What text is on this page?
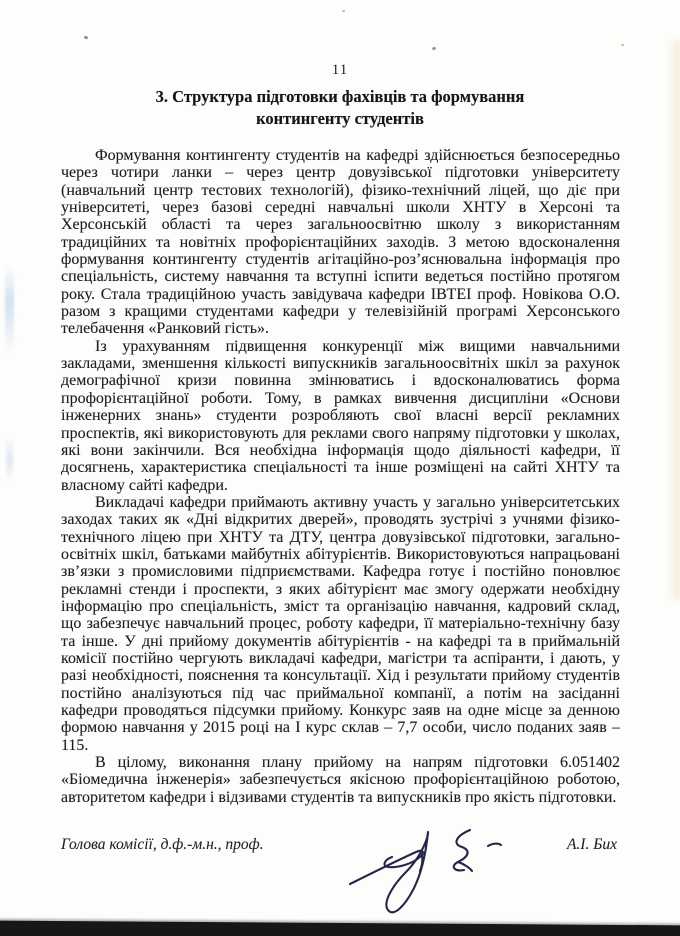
11
3. Структура підготовки фахівців та формування
контингенту студентів

Формування контингенту студентів на кафедрі здійснюється безпосередньо через чотири ланки – через центр довузівської підготовки університету (навчальний центр тестових технологій), фізико-технічний ліцей, що діє при університеті, через базові середні навчальні школи ХНТУ в Херсоні та Херсонській області та через загальноосвітню школу з використанням традиційних та новітніх профорієнтаційних заходів. З метою вдосконалення формування контингенту студентів агітаційно-роз’яснювальна інформація про спеціальність, систему навчання та вступні іспити ведеться постійно протягом року. Стала традиційною участь завідувача кафедри ІВТЕІ проф. Новікова О.О. разом з кращими студентами кафедри у телевізійній програмі Херсонського телебачення «Ранковий гість».

Із урахуванням підвищення конкуренції між вищими навчальними закладами, зменшення кількості випускників загальноосвітніх шкіл за рахунок демографічної кризи повинна змінюватись і вдосконалюватись форма профорієнтаційної роботи. Тому, в рамках вивчення дисципліни «Основи інженерних знань» студенти розробляють свої власні версії рекламних проспектів, які використовують для реклами свого напряму підготовки у школах, які вони закінчили. Вся необхідна інформація щодо діяльності кафедри, її досягнень, характеристика спеціальності та інше розміщені на сайті ХНТУ та власному сайті кафедри.

Викладачі кафедри приймають активну участь у загально університетських заходах таких як «Дні відкритих дверей», проводять зустрічі з учнями фізико-технічного ліцею при ХНТУ та ДТУ, центра довузівської підготовки, загально-освітніх шкіл, батьками майбутніх абітурієнтів. Використовуються напрацьовані зв’язки з промисловими підприємствами. Кафедра готує і постійно поновлює рекламні стенди і проспекти, з яких абітурієнт має змогу одержати необхідну інформацію про спеціальність, зміст та організацію навчання, кадровий склад, що забезпечує навчальний процес, роботу кафедри, її матеріально-технічну базу та інше. У дні прийому документів абітурієнтів - на кафедрі та в приймальній комісії постійно чергують викладачі кафедри, магістри та аспіранти, і дають, у разі необхідності, пояснення та консультації. Хід і результати прийому студентів постійно аналізуються під час приймальної компанії, а потім на засіданні кафедри проводяться підсумки прийому. Конкурс заяв на одне місце за денною формою навчання у 2015 році на І курс склав – 7,7 особи, число поданих заяв – 115.

В цілому, виконання плану прийому на напрям підготовки 6.051402 «Біомедична інженерія» забезпечується якісною профорієнтаційною роботою, авторитетом кафедри і відзивами студентів та випускників про якість підготовки.

Голова комісії, д.ф.-м.н., проф.	А.І. Бих
